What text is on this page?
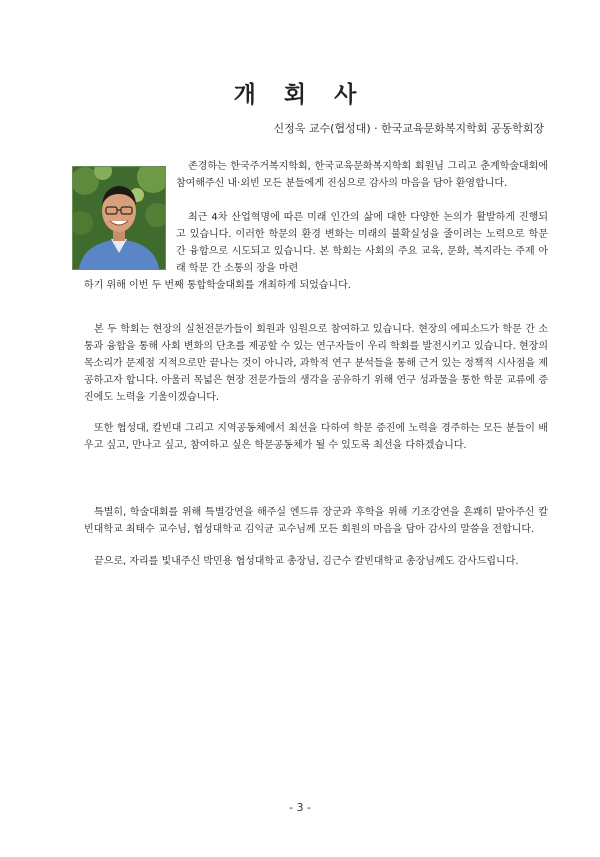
개 회 사
신정욱 교수(협성대) · 한국교육문화복지학회 공동학회장

존경하는 한국주거복지학회, 한국교육문화복지학회 회원님 그리고 춘계학술대회에 참여해주신 내·외빈 모든 분들에게 진심으로 감사의 마음을 담아 환영합니다.

최근 4차 산업혁명에 따른 미래 인간의 삶에 대한 다양한 논의가 활발하게 진행되고 있습니다. 이러한 학문의 환경 변화는 미래의 불확실성을 줄이려는 노력으로 학문간 융합으로 시도되고 있습니다. 본 학회는 사회의 주요 교육, 문화, 복지라는 주제 아래 학문 간 소통의 장을 마련

하기 위해 이번 두 번째 통합학술대회를 개최하게 되었습니다.

본 두 학회는 현장의 실천전문가들이 회원과 임원으로 참여하고 있습니다. 현장의 에피소드가 학문 간 소통과 융합을 통해 사회 변화의 단초를 제공할 수 있는 연구자들이 우리 학회를 발전시키고 있습니다. 현장의 목소리가 문제점 지적으로만 끝나는 것이 아니라, 과학적 연구 분석들을 통해 근거 있는 정책적 시사점을 제공하고자 합니다. 아울러 목넓은 현장 전문가들의 생각을 공유하기 위해 연구 성과물을 통한 학문 교류에 증진에도 노력을 기울이겠습니다.

또한 협성대, 칼빈대 그리고 지역공동체에서 최선을 다하여 학문 증진에 노력을 경주하는 모든 분들이 배우고 싶고, 만나고 싶고, 참여하고 싶은 학문공동체가 될 수 있도록 최선을 다하겠습니다.

특별히, 학술대회를 위해 특별강연을 해주실 엔드류 장군과 후학을 위해 기조강연을 흔쾌히 맡아주신 칼빈대학교 최태수 교수님, 협성대학교 김익균 교수님께 모든 회원의 마음을 담아 감사의 말씀을 전합니다.

끝으로, 자리를 빛내주신 박민용 협성대학교 총장님, 김근수 칼빈대학교 총장님께도 감사드립니다.

- 3 -
